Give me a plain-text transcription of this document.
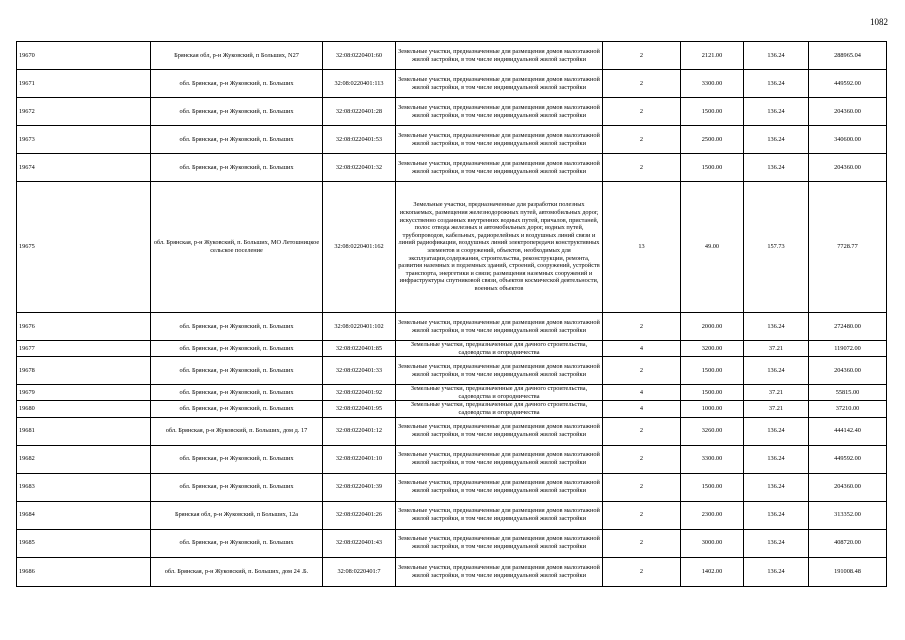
1082
19670	Брянская обл, р-н Жуковский, п Больших, N27	32:08:0220401:60	Земельные участки, предназначенные для размещения домов малоэтажной жилой застройки, в том числе индивидуальной жилой застройки	2	2121.00	136.24	288965.04
19671	обл. Брянская, р-н Жуковский, п. Больших	32:08:0220401:113	Земельные участки, предназначенные для размещения домов малоэтажной жилой застройки, в том числе индивидуальной жилой застройки	2	3300.00	136.24	449592.00
19672	обл. Брянская, р-н Жуковский, п. Больших	32:08:0220401:28	Земельные участки, предназначенные для размещения домов малоэтажной жилой застройки, в том числе индивидуальной жилой застройки	2	1500.00	136.24	204360.00
19673	обл. Брянская, р-н Жуковский, п. Больших	32:08:0220401:53	Земельные участки, предназначенные для размещения домов малоэтажной жилой застройки, в том числе индивидуальной жилой застройки	2	2500.00	136.24	340600.00
19674	обл. Брянская, р-н Жуковский, п. Больших	32:08:0220401:32	Земельные участки, предназначенные для размещения домов малоэтажной жилой застройки, в том числе индивидуальной жилой застройки	2	1500.00	136.24	204360.00
19675	обл. Брянская, р-н Жуковский, п. Больших, МО Летошницкое сельское поселение	32:08:0220401:162	Земельные участки, предназначенные для разработки полезных ископаемых, размещения железнодорожных путей, автомобильных дорог, искусственно созданных внутренних водных путей, причалов, пристаней, полос отвода железных и автомобильных дорог, водных путей, трубопроводов, кабельных, радиорелейных и воздушных линий связи и линий радиофикации, воздушных линий электропередачи конструктивных элементов и сооружений, объектов, необходимых для эксплуатации,содержания, строительства, реконструкции, ремонта, развития наземных и подземных зданий, строений, сооружений, устройств транспорта, энергетики и связи; размещения наземных сооружений и инфраструктуры спутниковой связи, объектов космической деятельности, военных объектов	13	49.00	157.73	7728.77
19676	обл. Брянская, р-н Жуковский, п. Больших	32:08:0220401:102	Земельные участки, предназначенные для размещения домов малоэтажной жилой застройки, в том числе индивидуальной жилой застройки	2	2000.00	136.24	272480.00
19677	обл. Брянская, р-н Жуковский, п. Больших	32:08:0220401:85	Земельные участки, предназначенные для дачного строительства, садоводства и огородничества	4	3200.00	37.21	119072.00
19678	обл. Брянская, р-н Жуковский, п. Больших	32:08:0220401:33	Земельные участки, предназначенные для размещения домов малоэтажной жилой застройки, в том числе индивидуальной жилой застройки	2	1500.00	136.24	204360.00
19679	обл. Брянская, р-н Жуковский, п. Больших	32:08:0220401:92	Земельные участки, предназначенные для дачного строительства, садоводства и огородничества	4	1500.00	37.21	55815.00
19680	обл. Брянская, р-н Жуковский, п. Больших	32:08:0220401:95	Земельные участки, предназначенные для дачного строительства, садоводства и огородничества	4	1000.00	37.21	37210.00
19681	обл. Брянская, р-н Жуковский, п. Больших, дом д. 17	32:08:0220401:12	Земельные участки, предназначенные для размещения домов малоэтажной жилой застройки, в том числе индивидуальной жилой застройки	2	3260.00	136.24	444142.40
19682	обл. Брянская, р-н Жуковский, п. Больших	32:08:0220401:10	Земельные участки, предназначенные для размещения домов малоэтажной жилой застройки, в том числе индивидуальной жилой застройки	2	3300.00	136.24	449592.00
19683	обл. Брянская, р-н Жуковский, п. Больших	32:08:0220401:39	Земельные участки, предназначенные для размещения домов малоэтажной жилой застройки, в том числе индивидуальной жилой застройки	2	1500.00	136.24	204360.00
19684	Брянская обл, р-н Жуковский, п Больших, 12а	32:08:0220401:26	Земельные участки, предназначенные для размещения домов малоэтажной жилой застройки, в том числе индивидуальной жилой застройки	2	2300.00	136.24	313352.00
19685	обл. Брянская, р-н Жуковский, п. Больших	32:08:0220401:43	Земельные участки, предназначенные для размещения домов малоэтажной жилой застройки, в том числе индивидуальной жилой застройки	2	3000.00	136.24	408720.00
19686	обл. Брянская, р-н Жуковский, п. Больших, дом 24 .Б.	32:08:0220401:7	Земельные участки, предназначенные для размещения домов малоэтажной жилой застройки, в том числе индивидуальной жилой застройки	2	1402.00	136.24	191008.48
